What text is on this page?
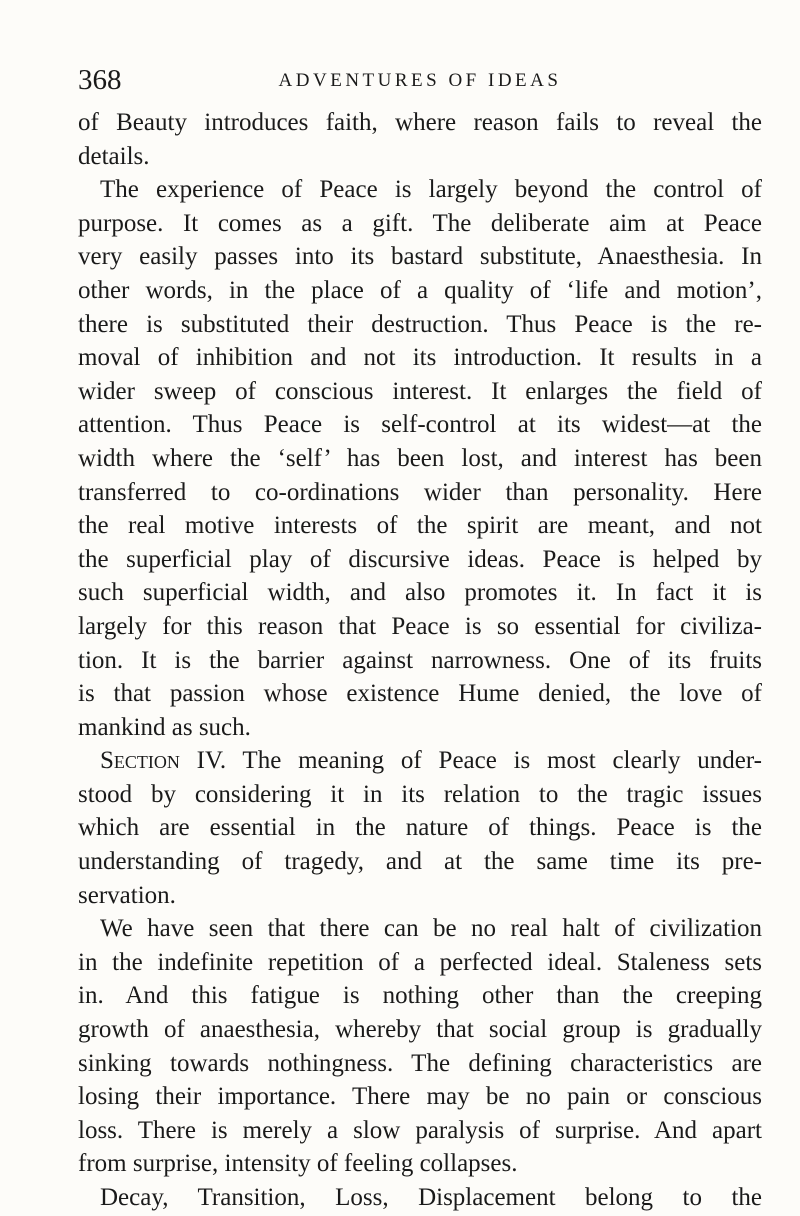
368	ADVENTURES OF IDEAS
of Beauty introduces faith, where reason fails to reveal the
details.
The experience of Peace is largely beyond the control of
purpose. It comes as a gift. The deliberate aim at Peace
very easily passes into its bastard substitute, Anaesthesia. In
other words, in the place of a quality of ‘life and motion’,
there is substituted their destruction. Thus Peace is the re-
moval of inhibition and not its introduction. It results in a
wider sweep of conscious interest. It enlarges the field of
attention. Thus Peace is self-control at its widest—at the
width where the ‘self’ has been lost, and interest has been
transferred to co-ordinations wider than personality. Here
the real motive interests of the spirit are meant, and not
the superficial play of discursive ideas. Peace is helped by
such superficial width, and also promotes it. In fact it is
largely for this reason that Peace is so essential for civiliza-
tion. It is the barrier against narrowness. One of its fruits
is that passion whose existence Hume denied, the love of
mankind as such.
Section IV. The meaning of Peace is most clearly under-
stood by considering it in its relation to the tragic issues
which are essential in the nature of things. Peace is the
understanding of tragedy, and at the same time its pre-
servation.
We have seen that there can be no real halt of civilization
in the indefinite repetition of a perfected ideal. Staleness sets
in. And this fatigue is nothing other than the creeping
growth of anaesthesia, whereby that social group is gradually
sinking towards nothingness. The defining characteristics are
losing their importance. There may be no pain or conscious
loss. There is merely a slow paralysis of surprise. And apart
from surprise, intensity of feeling collapses.
Decay, Transition, Loss, Displacement belong to the
